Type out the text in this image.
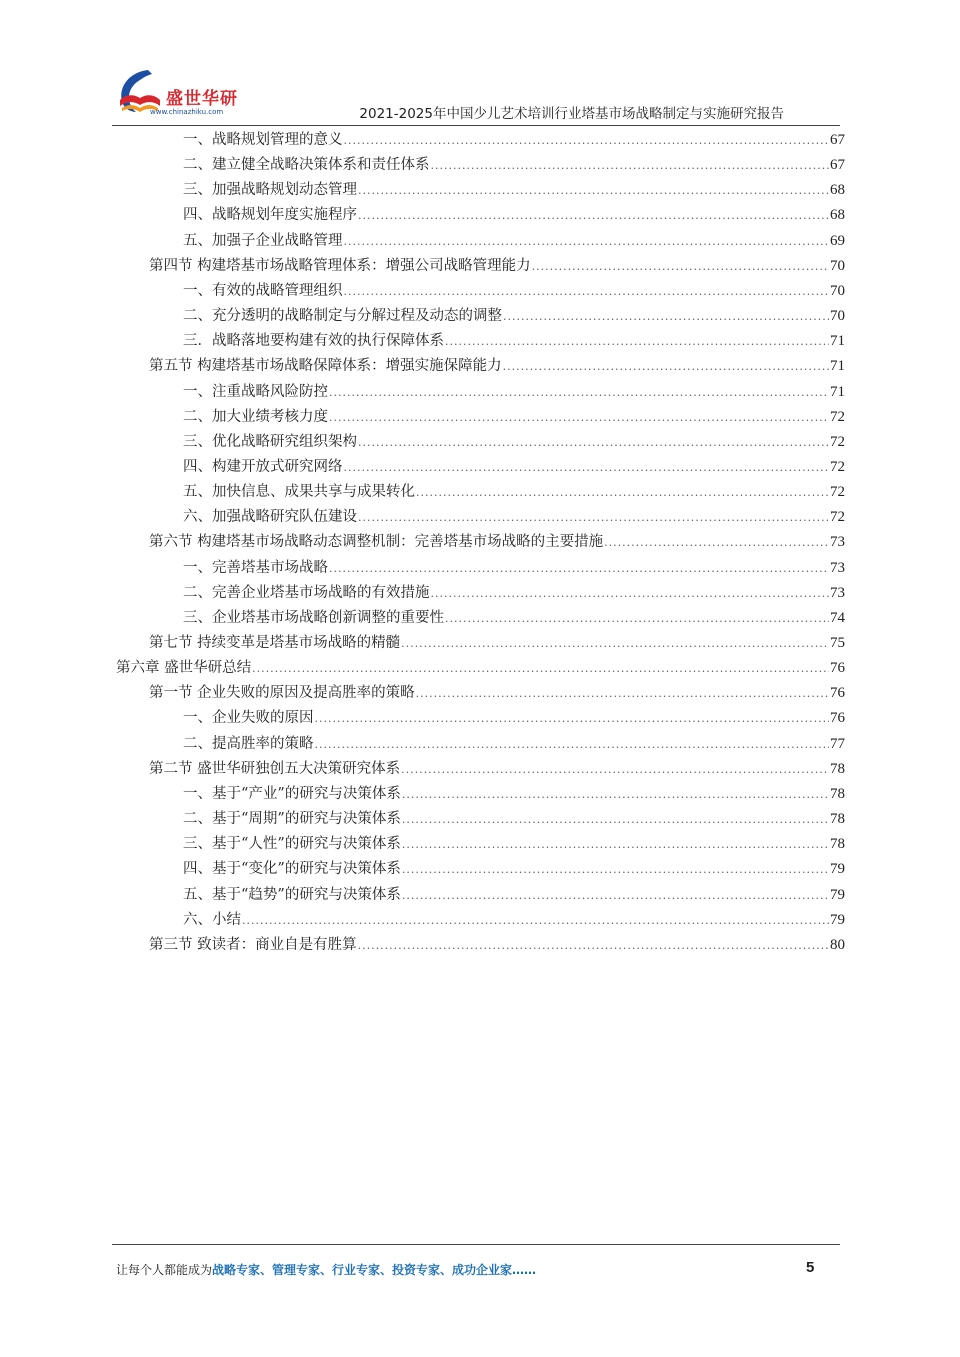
盛世华研
www.chinazhiku.com	2021-2025年中国少儿艺术培训行业塔基市场战略制定与实施研究报告
一、战略规划管理的意义 .....	67
二、建立健全战略决策体系和责任体系 .....	67
三、加强战略规划动态管理 .....	68
四、战略规划年度实施程序 .....	68
五、加强子企业战略管理 .....	69
第四节 构建塔基市场战略管理体系：增强公司战略管理能力 .....	70
一、有效的战略管理组织 .....	70
二、充分透明的战略制定与分解过程及动态的调整 .....	70
三．战略落地要构建有效的执行保障体系 .....	71
第五节 构建塔基市场战略保障体系：增强实施保障能力 .....	71
一、注重战略风险防控 .....	71
二、加大业绩考核力度 .....	72
三、优化战略研究组织架构 .....	72
四、构建开放式研究网络 .....	72
五、加快信息、成果共享与成果转化 .....	72
六、加强战略研究队伍建设 .....	72
第六节 构建塔基市场战略动态调整机制：完善塔基市场战略的主要措施 .....	73
一、完善塔基市场战略 .....	73
二、完善企业塔基市场战略的有效措施 .....	73
三、企业塔基市场战略创新调整的重要性 .....	74
第七节 持续变革是塔基市场战略的精髓 .....	75
第六章 盛世华研总结 .....	76
第一节 企业失败的原因及提高胜率的策略 .....	76
一、企业失败的原因 .....	76
二、提高胜率的策略 .....	77
第二节 盛世华研独创五大决策研究体系 .....	78
一、基于“产业”的研究与决策体系 .....	78
二、基于“周期”的研究与决策体系 .....	78
三、基于“人性”的研究与决策体系 .....	78
四、基于“变化”的研究与决策体系 .....	79
五、基于“趋势”的研究与决策体系 .....	79
六、小结 .....	79
第三节 致读者：商业自是有胜算 .....	80
让每个人都能成为战略专家、管理专家、行业专家、投资专家、成功企业家……	5
